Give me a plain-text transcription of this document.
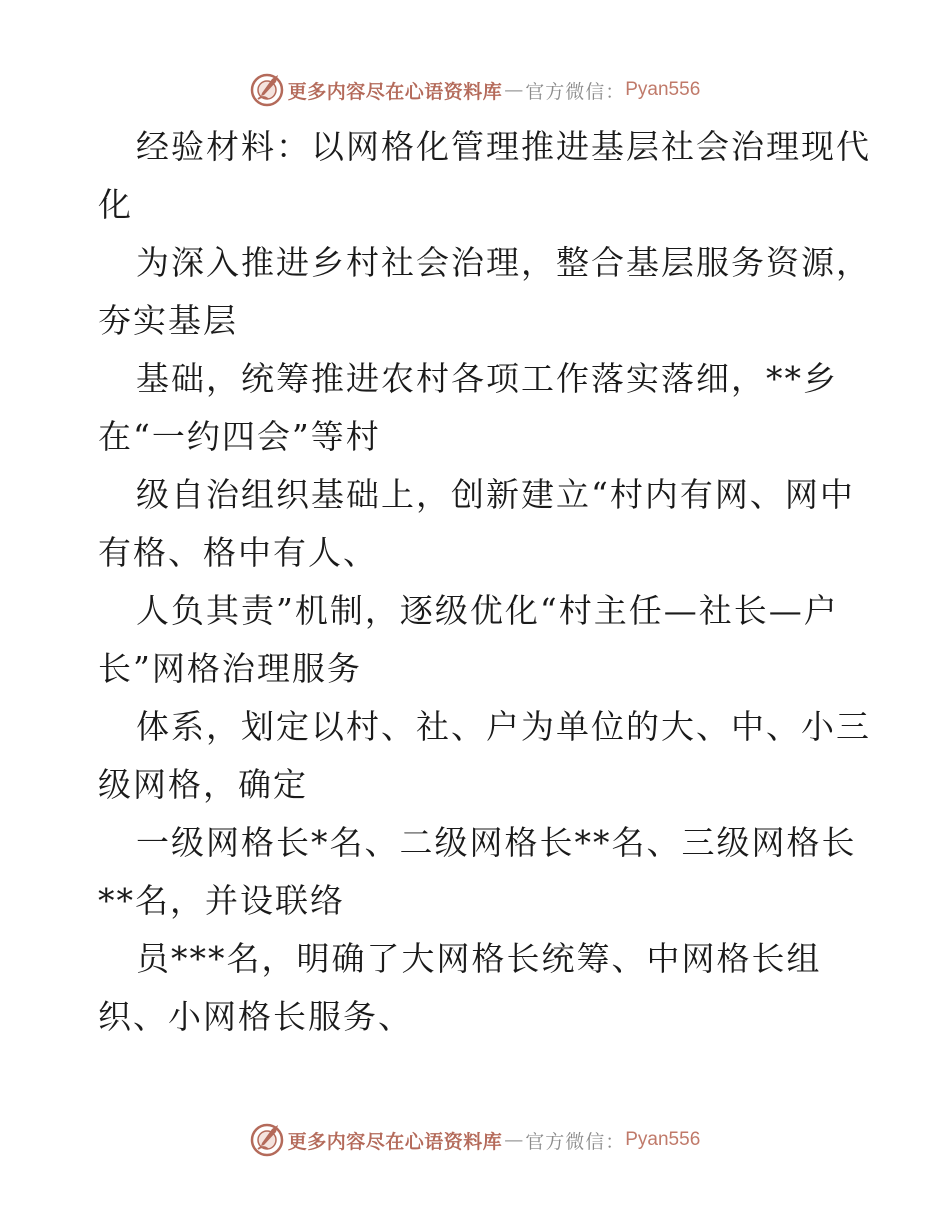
更多内容尽在心语资料库 — 官方微信： Pyan556
经验材料：以网格化管理推进基层社会治理现代
化
为深入推进乡村社会治理，整合基层服务资源，
夯实基层
基础，统筹推进农村各项工作落实落细，**乡
在“一约四会”等村
级自治组织基础上，创新建立“村内有网、网中
有格、格中有人、
人负其责”机制，逐级优化“村主任—社长—户
长”网格治理服务
体系，划定以村、社、户为单位的大、中、小三
级网格，确定
一级网格长*名、二级网格长**名、三级网格长
**名，并设联络
员***名，明确了大网格长统筹、中网格长组
织、小网格长服务、
更多内容尽在心语资料库 — 官方微信： Pyan556
